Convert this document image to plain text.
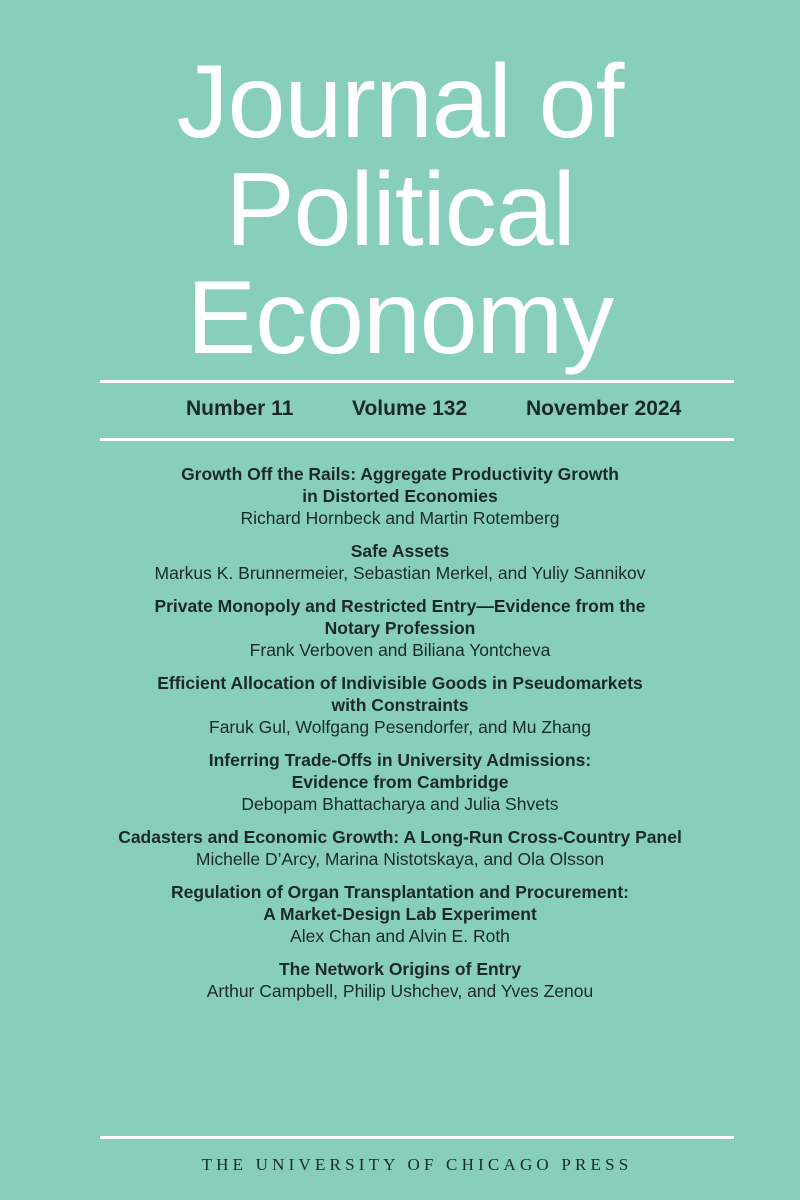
Journal of
Political
Economy
Number 11	Volume 132	November 2024
Growth Off the Rails: Aggregate Productivity Growth
in Distorted Economies
Richard Hornbeck and Martin Rotemberg
Safe Assets
Markus K. Brunnermeier, Sebastian Merkel, and Yuliy Sannikov
Private Monopoly and Restricted Entry—Evidence from the
Notary Profession
Frank Verboven and Biliana Yontcheva
Efficient Allocation of Indivisible Goods in Pseudomarkets
with Constraints
Faruk Gul, Wolfgang Pesendorfer, and Mu Zhang
Inferring Trade-Offs in University Admissions:
Evidence from Cambridge
Debopam Bhattacharya and Julia Shvets
Cadasters and Economic Growth: A Long-Run Cross-Country Panel
Michelle D’Arcy, Marina Nistotskaya, and Ola Olsson
Regulation of Organ Transplantation and Procurement:
A Market-Design Lab Experiment
Alex Chan and Alvin E. Roth
The Network Origins of Entry
Arthur Campbell, Philip Ushchev, and Yves Zenou
THE UNIVERSITY OF CHICAGO PRESS
